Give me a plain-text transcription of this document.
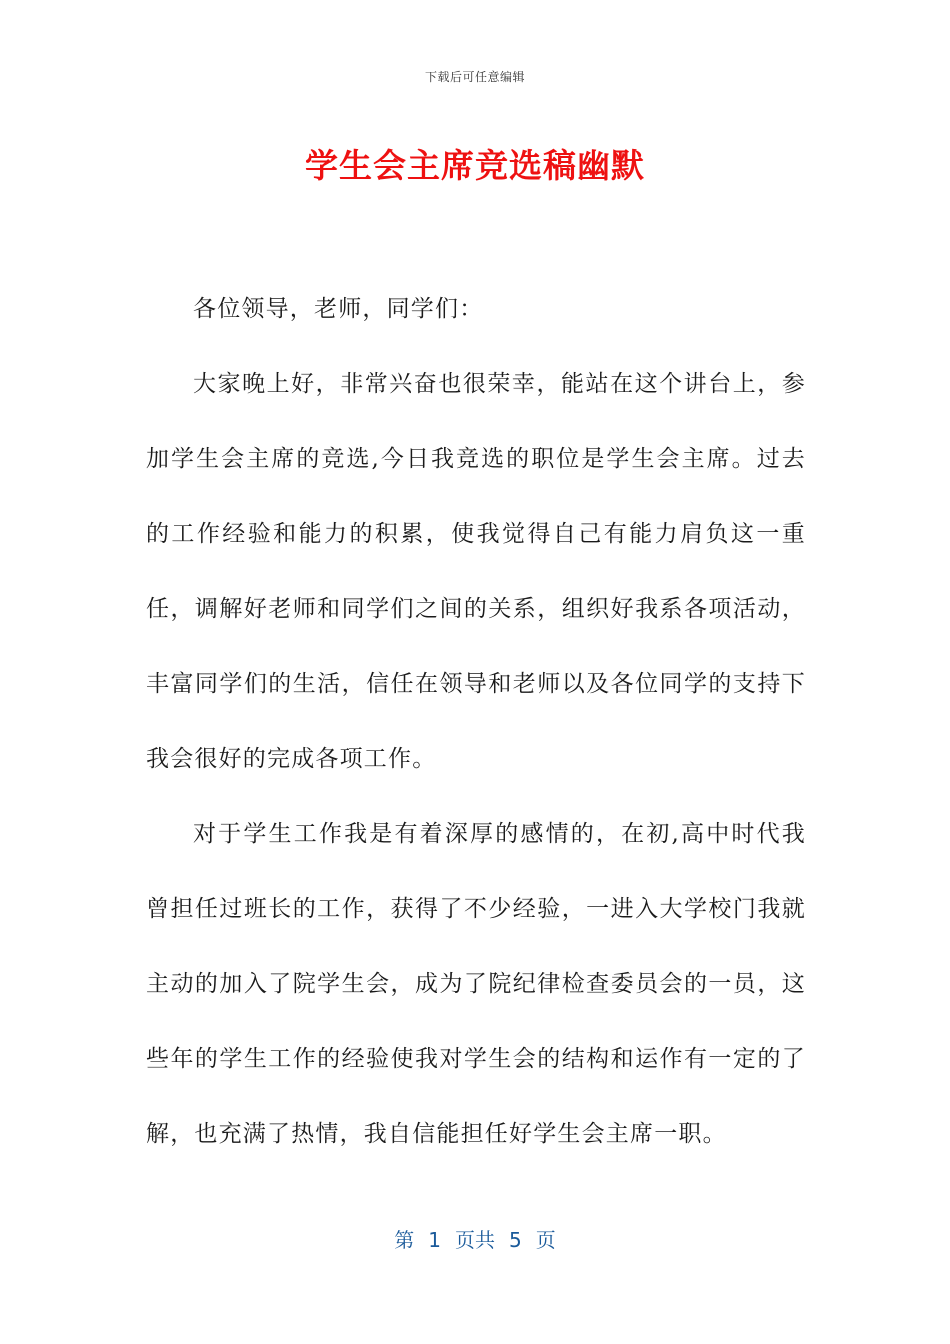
下载后可任意编辑
学生会主席竞选稿幽默

各位领导，老师，同学们：

大家晚上好，非常兴奋也很荣幸，能站在这个讲台上，参加学生会主席的竞选,今日我竞选的职位是学生会主席。过去的工作经验和能力的积累，使我觉得自己有能力肩负这一重任，调解好老师和同学们之间的关系，组织好我系各项活动，丰富同学们的生活，信任在领导和老师以及各位同学的支持下我会很好的完成各项工作。

对于学生工作我是有着深厚的感情的，在初,高中时代我曾担任过班长的工作，获得了不少经验，一进入大学校门我就主动的加入了院学生会，成为了院纪律检查委员会的一员，这些年的学生工作的经验使我对学生会的结构和运作有一定的了解，也充满了热情，我自信能担任好学生会主席一职。

第 1 页共 5 页
